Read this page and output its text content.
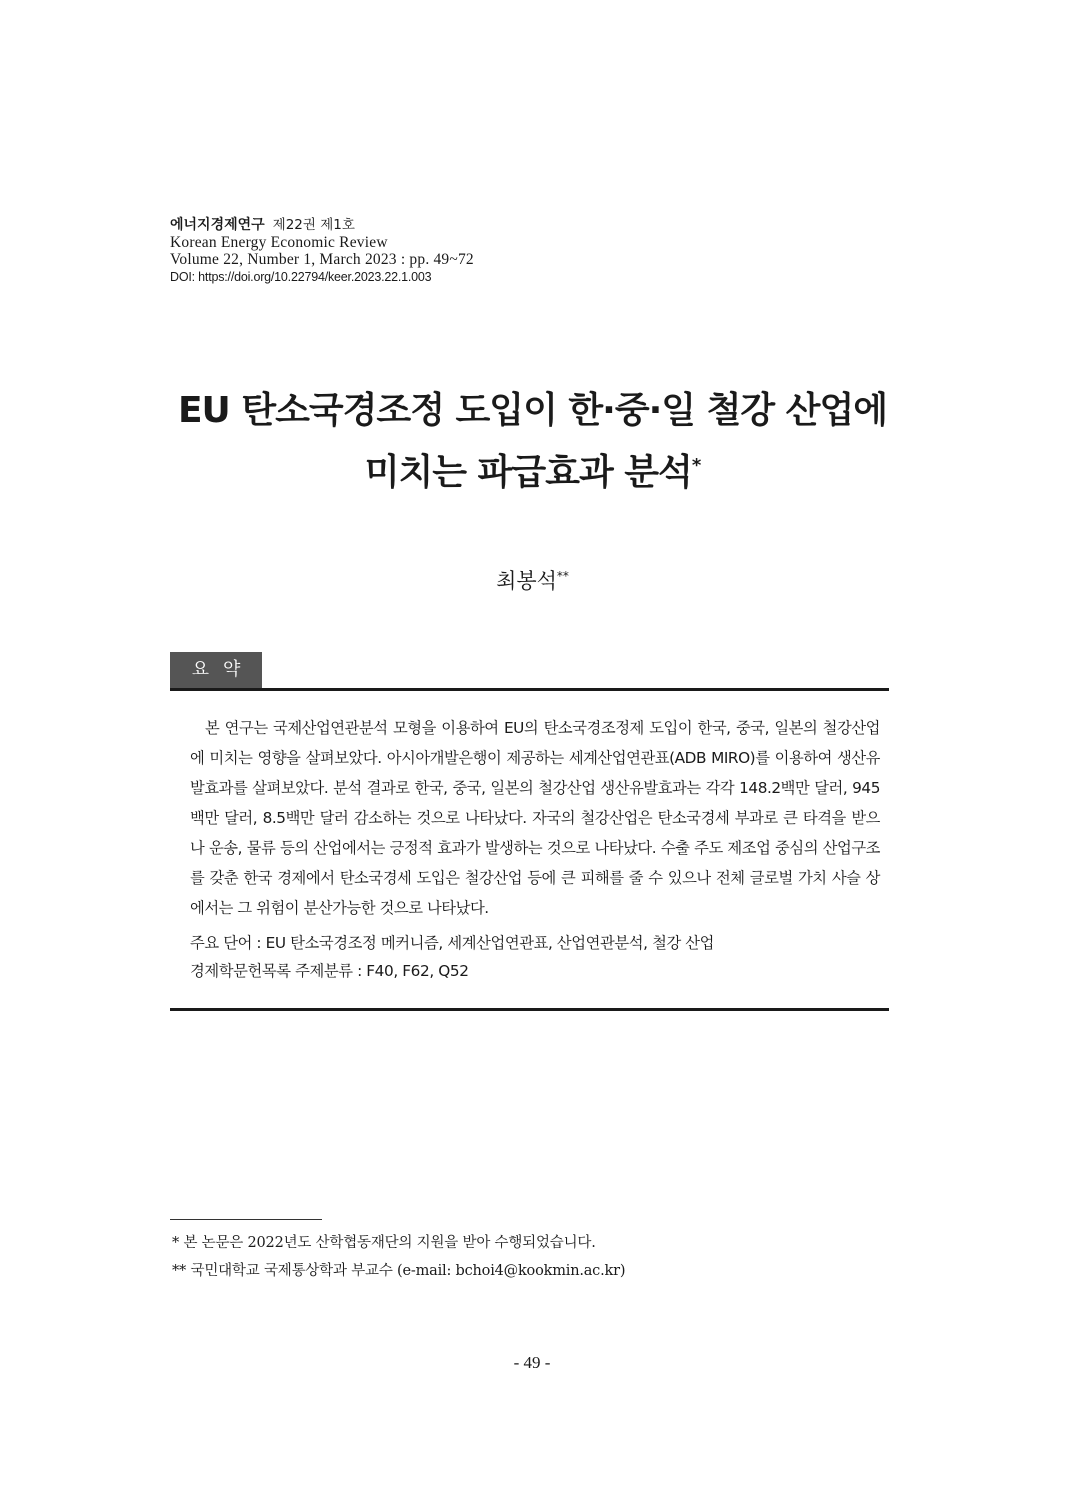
에너지경제연구 제22권 제1호
Korean Energy Economic Review
Volume 22, Number 1, March 2023 : pp. 49~72
DOI: https://doi.org/10.22794/keer.2023.22.1.003
EU 탄소국경조정 도입이 한·중·일 철강 산업에
미치는 파급효과 분석*
최봉석**
요약
본 연구는 국제산업연관분석 모형을 이용하여 EU의 탄소국경조정제 도입이 한국, 중국, 일본의 철강산업에 미치는 영향을 살펴보았다. 아시아개발은행이 제공하는 세계산업연관표(ADB MIRO)를 이용하여 생산유발효과를 살펴보았다. 분석 결과로 한국, 중국, 일본의 철강산업 생산유발효과는 각각 148.2백만 달러, 945백만 달러, 8.5백만 달러 감소하는 것으로 나타났다. 자국의 철강산업은 탄소국경세 부과로 큰 타격을 받으나 운송, 물류 등의 산업에서는 긍정적 효과가 발생하는 것으로 나타났다. 수출 주도 제조업 중심의 산업구조를 갖춘 한국 경제에서 탄소국경세 도입은 철강산업 등에 큰 피해를 줄 수 있으나 전체 글로벌 가치 사슬 상에서는 그 위험이 분산가능한 것으로 나타났다.
주요 단어 : EU 탄소국경조정 메커니즘, 세계산업연관표, 산업연관분석, 철강 산업
경제학문헌목록 주제분류 : F40, F62, Q52
* 본 논문은 2022년도 산학협동재단의 지원을 받아 수행되었습니다.
** 국민대학교 국제통상학과 부교수 (e-mail: bchoi4@kookmin.ac.kr)
- 49 -
